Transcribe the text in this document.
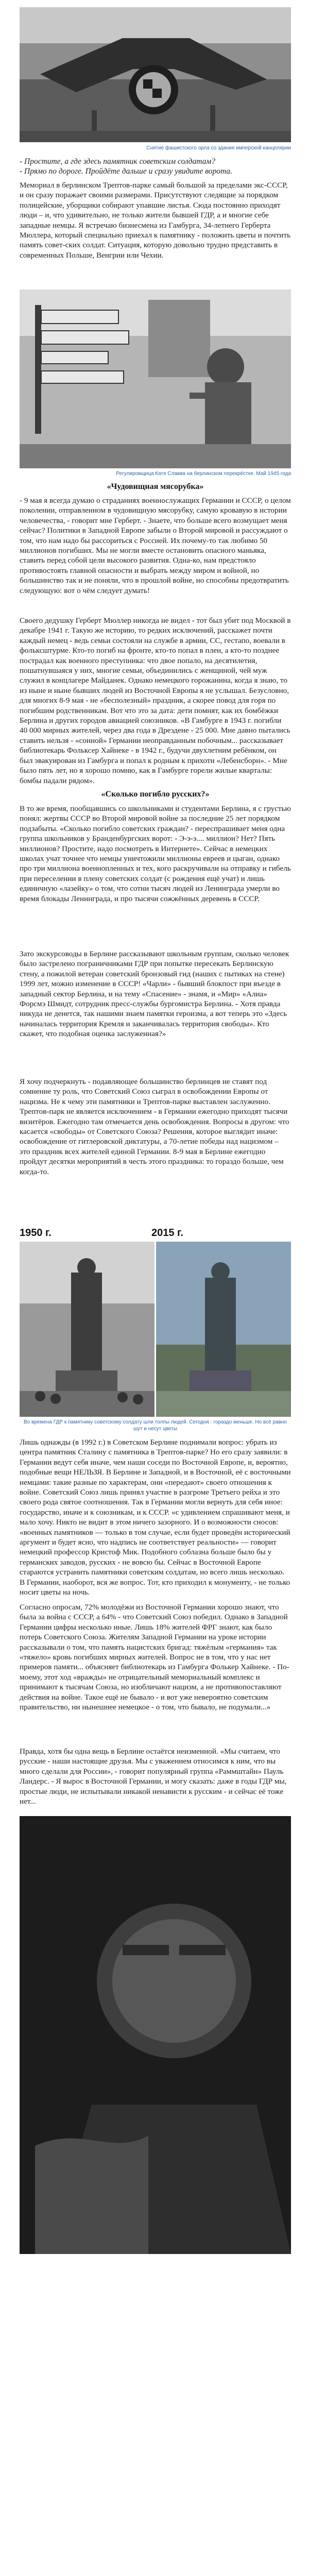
Снятие фашистского орла со здания имперской канцелярии
- Простите, а где здесь памятник советским солдатам?
- Прямо по дороге. Пройдёте дальше и сразу увидите ворота.
Мемориал в берлинском Трептов-парке самый большой за пределами экс-СССР, и он сразу поражает своими размерами. Присутствуют следящие за порядком полицейские, уборщики собирают упавшие листья. Сюда постоянно приходят люди – и, что удивительно, не только жители бывшей ГДР, а и многие себе западные немцы. Я встречаю бизнесмена из Гамбурга, 34-летнего Герберта Мюллера, который специально приехал к памятнику - положить цветы и почтить память совет-ских солдат. Ситуация, которую довольно трудно представить в современных Польше, Венгрии или Чехии.
Регулировщица Катя Славва на берлинском перекрёстке. Май 1945 года
«Чудовищная мясорубка»
- 9 мая я всегда думаю о страданиях военнослужащих Германии и СССР, о целом поколении, отправленном в чудовищную мясорубку, самую кровавую в истории человечества, - говорит мне Герберт. - Знаете, что больше всего возмущает меня сейчас? Политики в Западной Европе забыли о Второй мировой и рассуждают о том, что нам надо бы рассориться с Россией. Их почему-то так любимо 50 миллионов погибших. Мы не могли вместе остановить опасного маньяка, ставить перед собой цели высокого развития. Одна-ко, нам предстояло противостоять главной опасности и выбрать между миром и войной, но большинство так и не поняли, что в прошлой войне, но способны предотвратить следующую: вот о чём следует думать!
Своего дедушку Герберт Мюллер никогда не видел - тот был убит под Москвой в декабре 1941 г. Такую же историю, то редких исключений, расскажет почти каждый немец - ведь семьи состояли на службе в армии, СС, гестапо, воевали в фольксштурме. Кто-то погиб на фронте, кто-то попал в плен, а кто-то позднее пострадал как военного преступника: что двое попало, на десятилетия, пошатнувшаяся у них, многие семьи, объединились с женщиной, чей муж служил в концлагере Майданек. Однако немецкого горожанина, когда я знаю, то из ныне и ныне бывших людей из Восточной Европы я не услышал. Безусловно, для многих 8-9 мая - не «бесполезный» праздник, а скорее повод для горя по погибшим родственникам. Вот что это за дата: дети помнят, как их бомбёжки Берлина и других городов авиацией союзников. «В Гамбурге в 1943 г. погибли 40 000 мирных жителей, через два года в Дрездене - 25 000. Мне давно пытались ставить нельзя - «сонной» Германии неоправданным побочным... рассказывает библиотекарь Фольксер Хайнеке - в 1942 г., будучи двухлетним ребёнком, он был эвакуирован из Гамбурга и попал к родным к прихоти «Лебенсборн». - Мне было пять лет, но я хорошо помню, как в Гамбурге горели жилые кварталы: бомбы падали рядом».
«Сколько погибло русских?»
В то же время, пообщавшись со школьниками и студентами Берлина, я с грустью понял: жертвы СССР во Второй мировой войне за последние 25 лет порядком подзабыты. «Сколько погибло советских граждан? - переспрашивает меня одна группа школьников у Бранденбургских ворот: - Э-э-э.... миллион? Нет? Пять миллионов? Простите, надо посмотреть в Интернете». Сейчас в немецких школах учат точнее что немцы уничтожили миллионы евреев и цыган, однако про три миллиона военнопленных и тех, кого раскручивали на отправку и гибель при переселении в плену советских солдат (с рождения ещё учат) и лишь единичную «лазейку» о том, что сотни тысяч людей из Ленинграда умерли во время блокады Ленинграда, и про тысячи сожжённых деревень в СССР.
Зато экскурсоводы в Берлине рассказывают школьным группам, сколько человек было застрелено пограничниками ГДР при попытке пересекать Берлинскую стену, а пожилой ветеран советский бронзовый гид (наших с пытиках на стене) 1999 лет, можно изменение в СССР! «Чарли» - бывший блокпост при въезде в западный сектор Берлина, и на тему «Спасение» - знамя, и «Мир» «Алиа» Форсмэ Шмидт, сотрудник пресс-службы бургомистра Берлина. - Хотя правда никуда не денется, так нашими знаем памятки героизма, а вот теперь это «Здесь начиналась территория Кремля и заканчивалась территория свободы». Кто скажет, что подобная оценка заслуженная?»
Я хочу подчеркнуть - подавляющее большинство берлинцев не ставят под сомнение ту роль, что Советский Союз сыграл в освобождении Европы от нацизма. Не к чему эти памятники и Трептов-парке выставлен заслуженно. Трептов-парк не является исключением - в Германии ежегодно приходят тысячи визитёров. Ежегодно там отмечается день освобождения. Вопросы в другом: что касается «свободы» от Советского Союза? Решения, которое выглядит иначе: освобождение от гитлеровской диктатуры, а 70-летие победы над нацизмом – это праздник всех жителей единой Германии. 8-9 мая в Берлине ежегодно пройдут десятки мероприятий в честь этого праздника: то гораздо больше, чем когда-то.
1950 г.	2015 г.
Во времена ГДР к памятнику советскому солдату шли толпы людей. Сегодня - гораздо меньше. Но всё равно шут и несут цветы
Лишь однажды (в 1992 г.) в Советском Берлине поднимали вопрос: убрать из центра памятник Сталину с памятника в Трептов-парке? Но его сразу заявили: в Германии ведут себя иначе, чем наши соседи по Восточной Европе, и, вероятно, подобные вещи НЕЛЬЗЯ. В Берлине и Западной, и в Восточной, её с восточными немцами: такие разные по характерам, они «передают» своего отношения к войне. Советский Союз лишь принял участие в разгроме Третьего рейха и это своего рода святое соотношения. Так в Германии могли вернуть для себя иное: государство, иначе и к союзникам, и к СССР. «с удивлением спрашивают меня, и мало хочу. Никто не видит в этом ничего зазорного. И о возможности сносов: «военных памятников — только в том случае, если будет проведён исторический аргумент и будет ясно, что надпись не соответствует реальности» — говорит немецкий профессор Кристоф Мик. Подобного соблазна больше было бы у германских заводов, русских - не вовсю бы. Сейчас в Восточной Европе стараются устранить памятники советским солдатам, но всего лишь несколько. В Германии, наоборот, вся же вопрос. Тот, кто приходил к монументу, - не только носит цветы на ночь.
Согласно опросам, 72% молодёжи из Восточной Германии хорошо знают, что была за война с СССР, а 64% - что Советский Союз победил. Однако в Западной Германии цифры несколько иные. Лишь 18% жителей ФРГ знают, как было потерь Советского Союза. Жителям Западной Германии на уроке истории рассказывали о том, что память нацистских бригад: тяжёлым «германия» так «тяжело» кровь погибших мирных жителей. Вопрос не в том, что у нас нет примеров памяти... объясняет библиотекарь из Гамбурга Фолькер Хайнеке. - По-моему, этот ход «вражды» не отрицательный мемориальный комплекс и принимают к тысячам Союза, но изобличают нацизм, а не противопоставляют действия на войне. Такое ещё не бывало - и вот уже невероятно советским правительство, ни нынешнее немецкое - о том, что бывало, не подумали...»
Правда, хотя бы одна вещь в Берлине остаётся неизменной. «Мы считаем, что русские - наши настоящие друзья. Мы с уважением относимся к ним, что вы много сделали для России», - говорит популярный группа «Раммштайн» Пауль Ландерс. - Я вырос в Восточной Германии, и могу сказать: даже в годы ГДР мы, простые люди, не испытывали никакой ненависти к русским - и сейчас её тоже нет...
